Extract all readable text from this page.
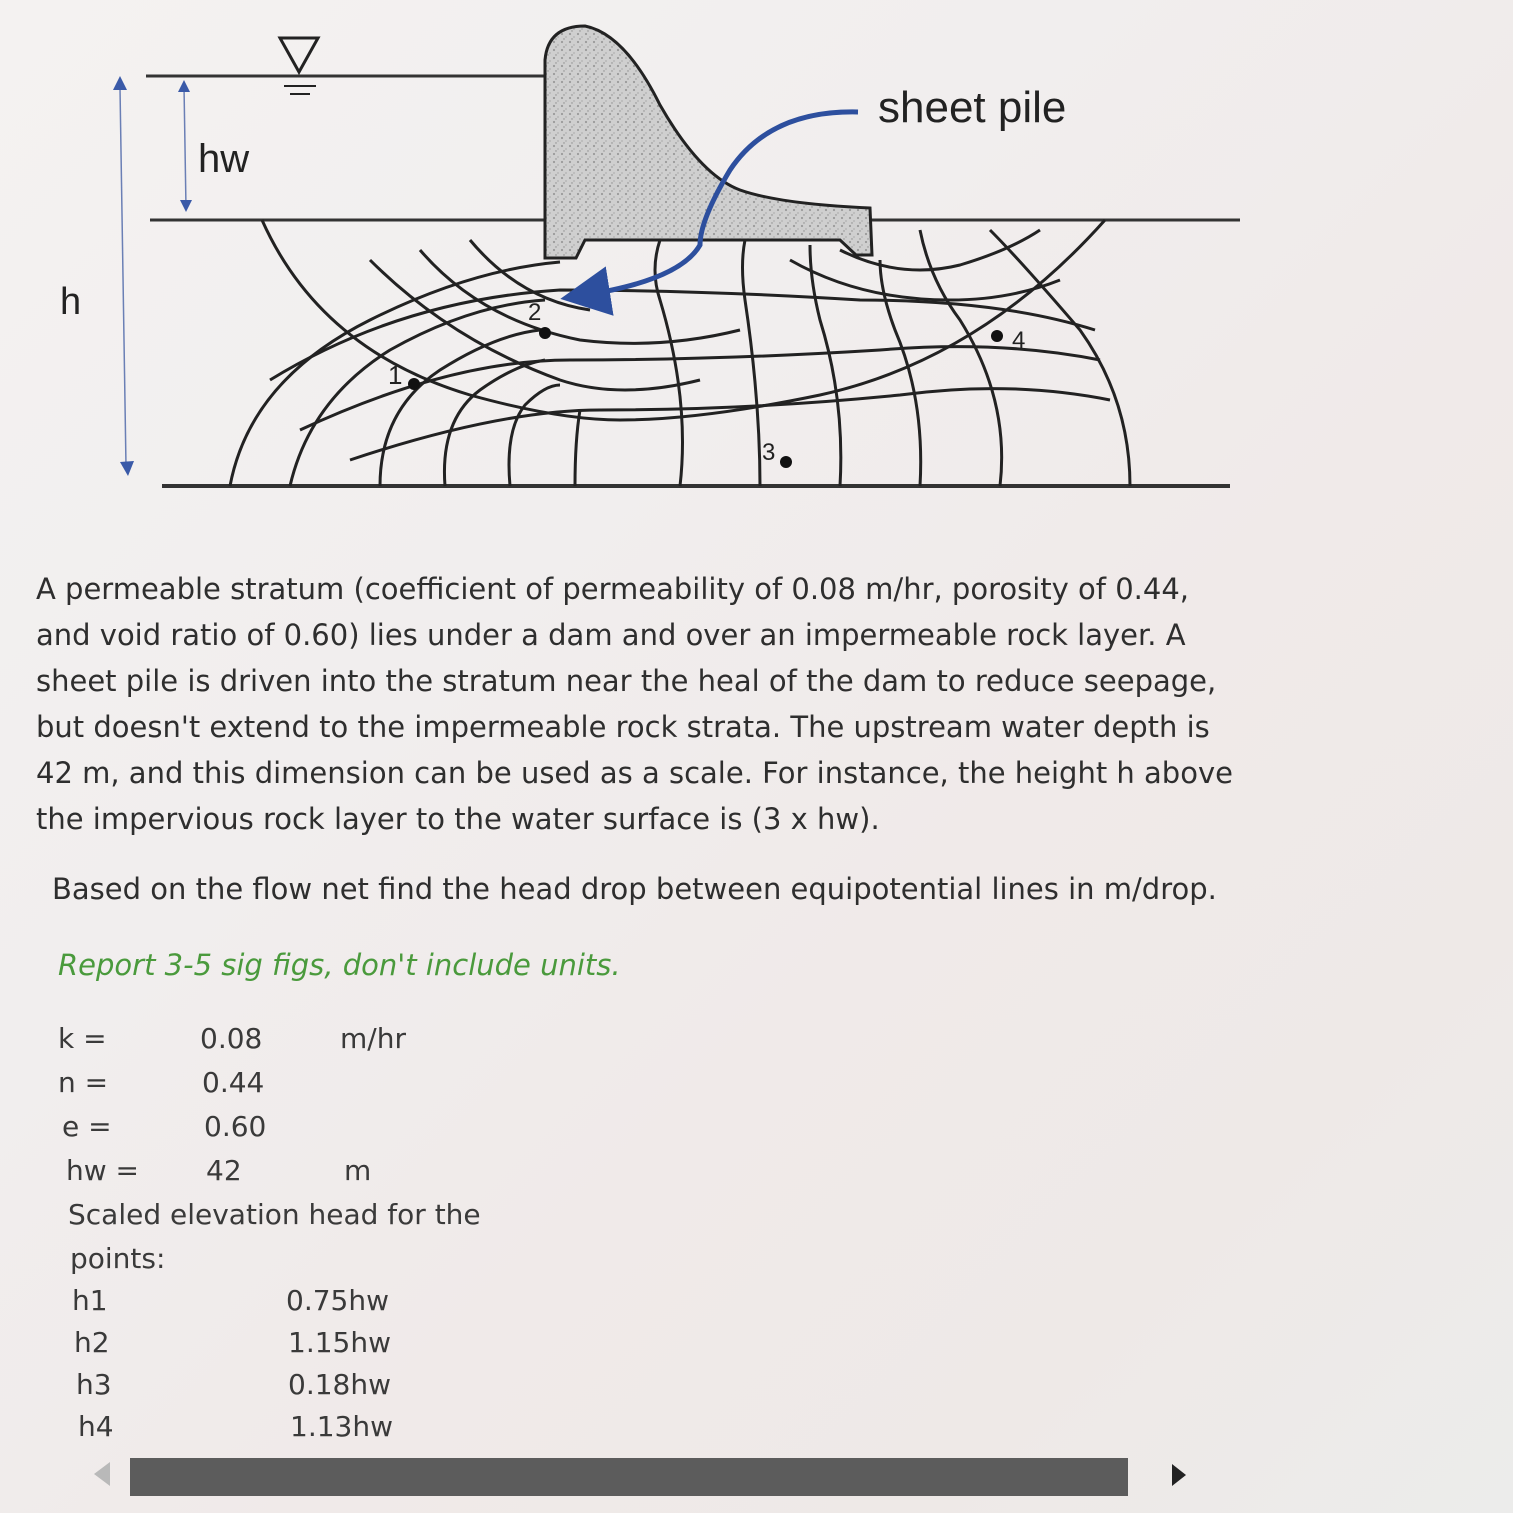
h
hw
sheet pile
1
2
3
4
A permeable stratum (coefficient of permeability of 0.08 m/hr, porosity of 0.44, and void ratio of 0.60) lies under a dam and over an impermeable rock layer. A sheet pile is driven into the stratum near the heal of the dam to reduce seepage, but doesn't extend to the impermeable rock strata. The upstream water depth is 42 m, and this dimension can be used as a scale. For instance, the height h above the impervious rock layer to the water surface is (3 x hw).
Based on the flow net find the head drop between equipotential lines in m/drop.
Report 3-5 sig figs, don't include units.
k =	0.08	m/hr
n =	0.44
e =	0.60
hw = 42	m
Scaled elevation head for the
points:
h1	0.75hw
h2	1.15hw
h3	0.18hw
h4	1.13hw
